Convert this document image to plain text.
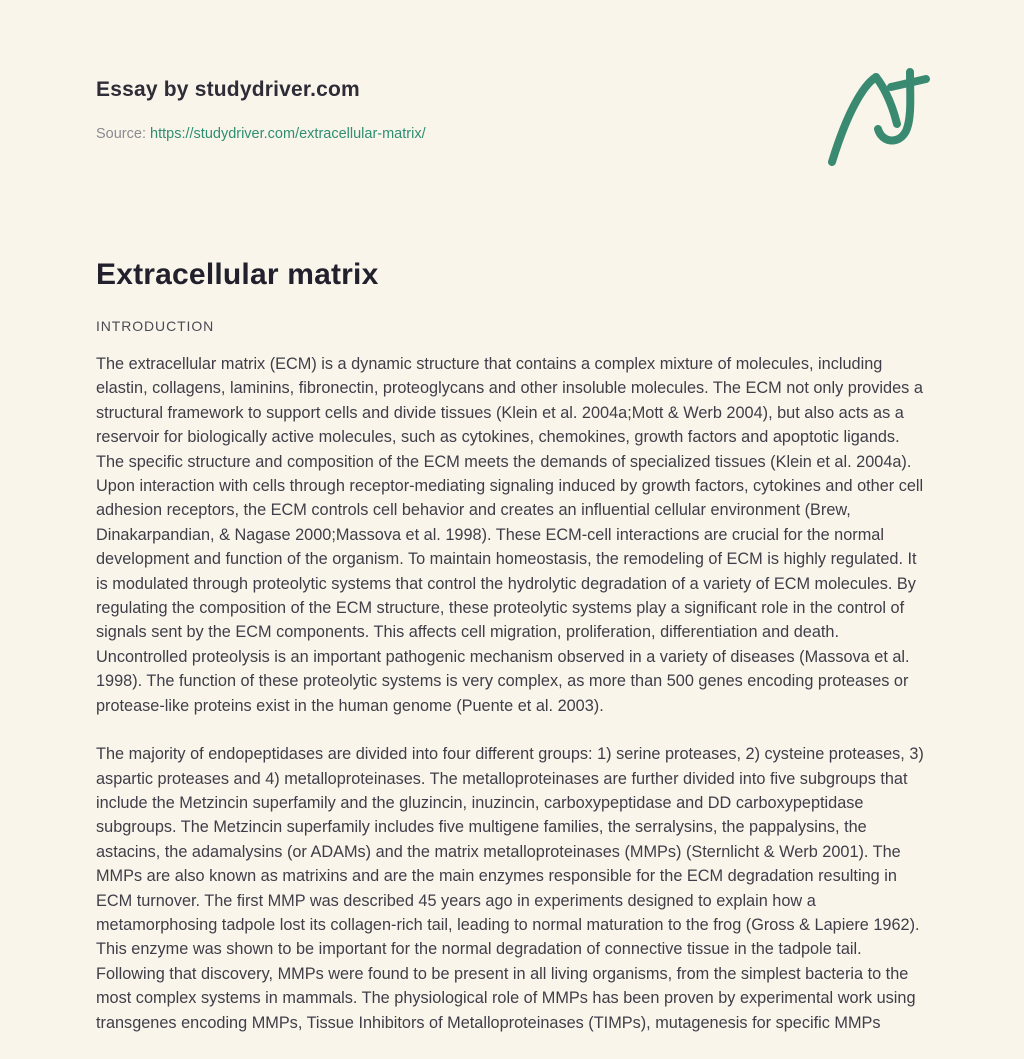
Essay by studydriver.com
Source: https://studydriver.com/extracellular-matrix/
Extracellular matrix
INTRODUCTION

The extracellular matrix (ECM) is a dynamic structure that contains a complex mixture of molecules, including elastin, collagens, laminins, fibronectin, proteoglycans and other insoluble molecules. The ECM not only provides a structural framework to support cells and divide tissues (Klein et al. 2004a;Mott & Werb 2004), but also acts as a reservoir for biologically active molecules, such as cytokines, chemokines, growth factors and apoptotic ligands. The specific structure and composition of the ECM meets the demands of specialized tissues (Klein et al. 2004a). Upon interaction with cells through receptor-mediating signaling induced by growth factors, cytokines and other cell adhesion receptors, the ECM controls cell behavior and creates an influential cellular environment (Brew, Dinakarpandian, & Nagase 2000;Massova et al. 1998). These ECM-cell interactions are crucial for the normal development and function of the organism. To maintain homeostasis, the remodeling of ECM is highly regulated. It is modulated through proteolytic systems that control the hydrolytic degradation of a variety of ECM molecules. By regulating the composition of the ECM structure, these proteolytic systems play a significant role in the control of signals sent by the ECM components. This affects cell migration, proliferation, differentiation and death. Uncontrolled proteolysis is an important pathogenic mechanism observed in a variety of diseases (Massova et al. 1998). The function of these proteolytic systems is very complex, as more than 500 genes encoding proteases or protease-like proteins exist in the human genome (Puente et al. 2003).

The majority of endopeptidases are divided into four different groups: 1) serine proteases, 2) cysteine proteases, 3) aspartic proteases and 4) metalloproteinases. The metalloproteinases are further divided into five subgroups that include the Metzincin superfamily and the gluzincin, inuzincin, carboxypeptidase and DD carboxypeptidase subgroups. The Metzincin superfamily includes five multigene families, the serralysins, the pappalysins, the astacins, the adamalysins (or ADAMs) and the matrix metalloproteinases (MMPs) (Sternlicht & Werb 2001). The MMPs are also known as matrixins and are the main enzymes responsible for the ECM degradation resulting in ECM turnover. The first MMP was described 45 years ago in experiments designed to explain how a metamorphosing tadpole lost its collagen-rich tail, leading to normal maturation to the frog (Gross & Lapiere 1962). This enzyme was shown to be important for the normal degradation of connective tissue in the tadpole tail. Following that discovery, MMPs were found to be present in all living organisms, from the simplest bacteria to the most complex systems in mammals. The physiological role of MMPs has been proven by experimental work using transgenes encoding MMPs, Tissue Inhibitors of Metalloproteinases (TIMPs), mutagenesis for specific MMPs
